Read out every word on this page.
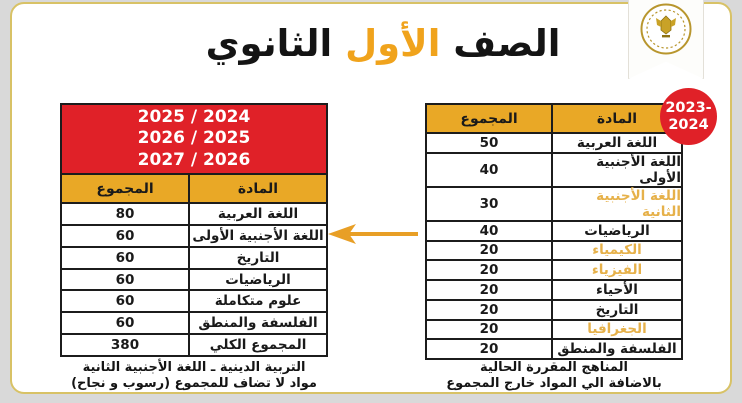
الصف الأول الثانوي
2025 / 2024
2026 / 2025
2027 / 2026
المادة
المجموع
اللغة العربية
80
اللغة الأجنبية الأولى
60
التاريخ
60
الرياضيات
60
علوم متكاملة
60
الفلسفة والمنطق
60
المجموع الكلي
380
المادة
المجموع
اللغة العربية
50
اللغة الأجنبية الأولى
40
اللغة الأجنبية الثانية
30
الرياضيات
40
الكيمياء
20
الفيزياء
20
الأحياء
20
التاريخ
20
الجغرافيا
20
الفلسفة والمنطق
20
2023-
2024
التربية الدينية ـ اللغة الأجنبية الثانية
مواد لا تضاف للمجموع (رسوب و نجاح)
المناهج المقررة الحالية
بالاضافة الي المواد خارج المجموع
